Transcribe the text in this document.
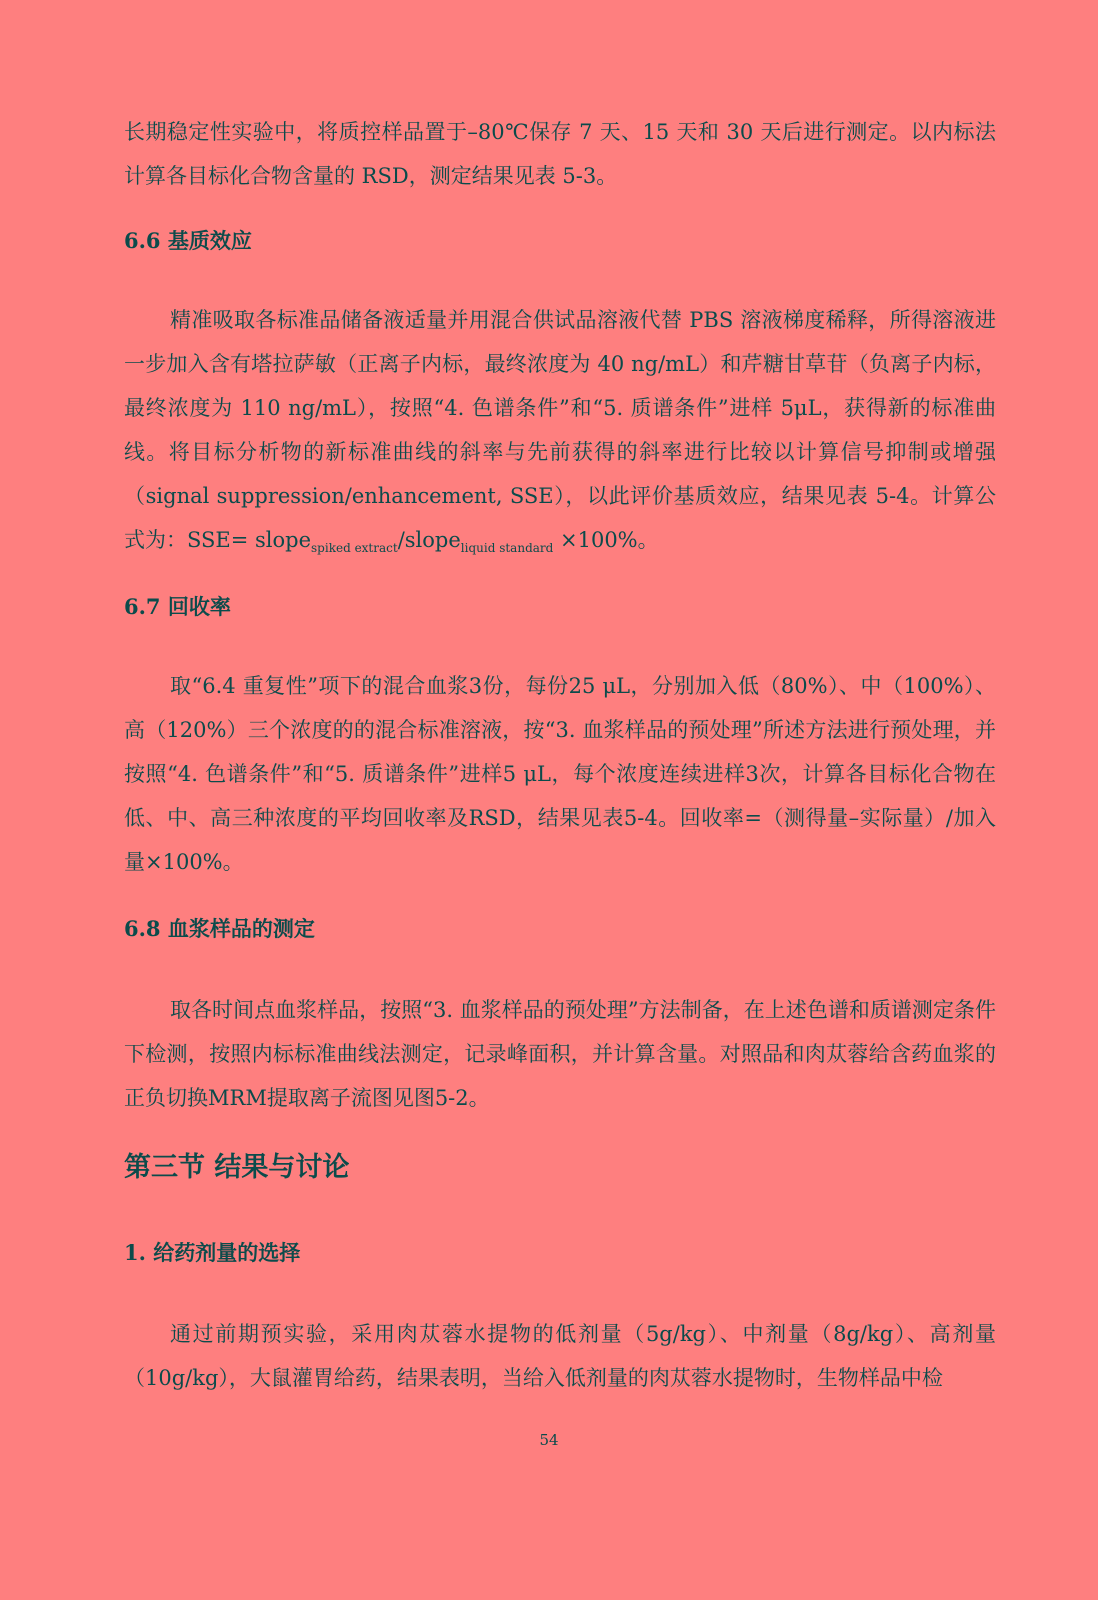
长期稳定性实验中，将质控样品置于–80℃保存 7 天、15 天和 30 天后进行测定。以内标法计算各目标化合物含量的 RSD，测定结果见表 5-3。

6.6 基质效应

精准吸取各标准品储备液适量并用混合供试品溶液代替 PBS 溶液梯度稀释，所得溶液进一步加入含有塔拉萨敏（正离子内标，最终浓度为 40 ng/mL）和芹糖甘草苷（负离子内标，最终浓度为 110 ng/mL），按照“4. 色谱条件”和“5. 质谱条件”进样 5μL，获得新的标准曲线。将目标分析物的新标准曲线的斜率与先前获得的斜率进行比较以计算信号抑制或增强（signal suppression/enhancement, SSE），以此评价基质效应，结果见表 5-4。计算公式为：SSE= slope$_{spiked extract}$/slope$_{liquid standard}$ ×100%。

6.7 回收率

取“6.4 重复性”项下的混合血浆3份，每份25 μL，分别加入低（80%）、中（100%）、高（120%）三个浓度的的混合标准溶液，按“3. 血浆样品的预处理”所述方法进行预处理，并按照“4. 色谱条件”和“5. 质谱条件”进样5 μL，每个浓度连续进样3次，计算各目标化合物在低、中、高三种浓度的平均回收率及RSD，结果见表5-4。回收率=（测得量–实际量）/加入量×100%。

6.8 血浆样品的测定

取各时间点血浆样品，按照“3. 血浆样品的预处理”方法制备，在上述色谱和质谱测定条件下检测，按照内标标准曲线法测定，记录峰面积，并计算含量。对照品和肉苁蓉给含药血浆的正负切换MRM提取离子流图见图5-2。

第三节 结果与讨论

1. 给药剂量的选择

通过前期预实验，采用肉苁蓉水提物的低剂量（5g/kg）、中剂量（8g/kg）、高剂量（10g/kg），大鼠灌胃给药，结果表明，当给入低剂量的肉苁蓉水提物时，生物样品中检

54
